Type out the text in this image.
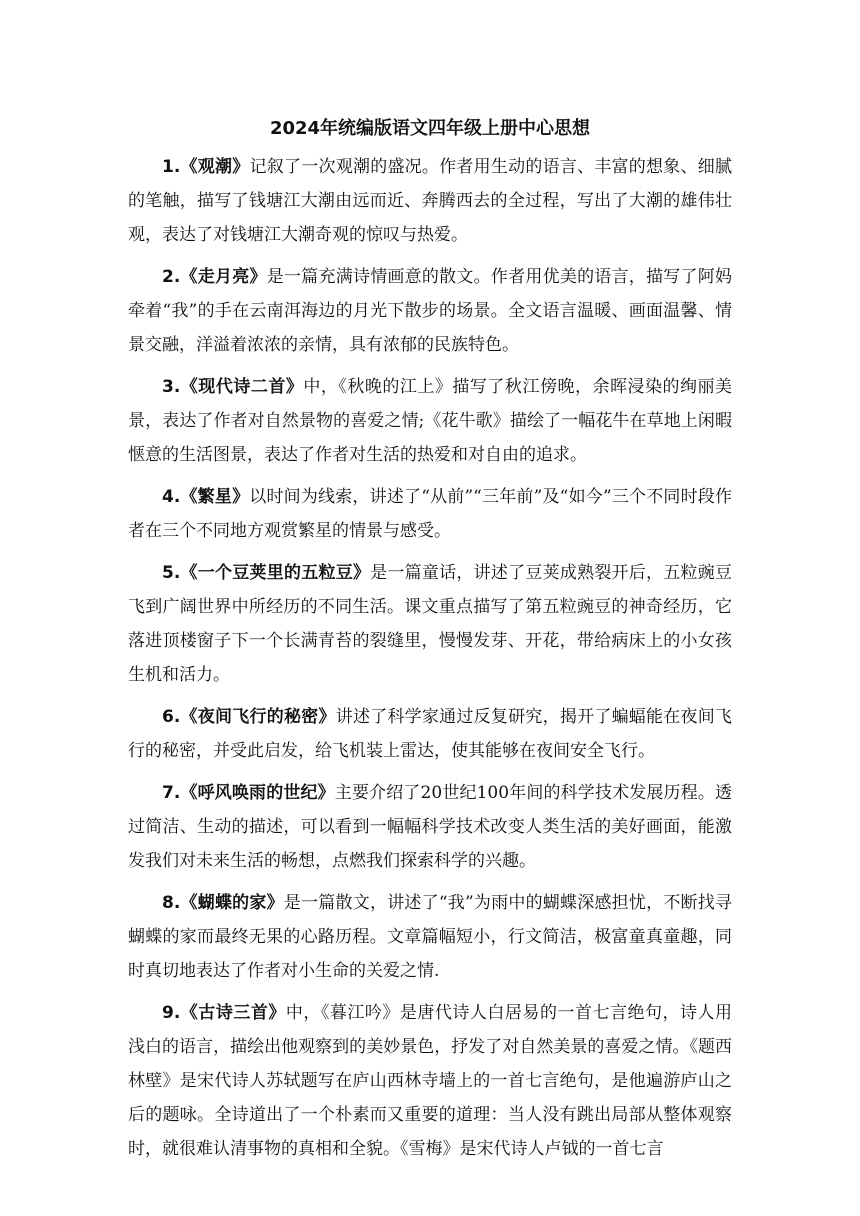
2024年统编版语文四年级上册中心思想

1.《观潮》记叙了一次观潮的盛况。作者用生动的语言、丰富的想象、细腻的笔触，描写了钱塘江大潮由远而近、奔腾西去的全过程，写出了大潮的雄伟壮观，表达了对钱塘江大潮奇观的惊叹与热爱。

2.《走月亮》是一篇充满诗情画意的散文。作者用优美的语言，描写了阿妈牵着“我”的手在云南洱海边的月光下散步的场景。全文语言温暖、画面温馨、情景交融，洋溢着浓浓的亲情，具有浓郁的民族特色。

3.《现代诗二首》中，《秋晚的江上》描写了秋江傍晚，余晖浸染的绚丽美景，表达了作者对自然景物的喜爱之情;《花牛歌》描绘了一幅花牛在草地上闲暇惬意的生活图景，表达了作者对生活的热爱和对自由的追求。

4.《繁星》以时间为线索，讲述了“从前”“三年前”及“如今”三个不同时段作者在三个不同地方观赏繁星的情景与感受。

5.《一个豆荚里的五粒豆》是一篇童话，讲述了豆荚成熟裂开后，五粒豌豆飞到广阔世界中所经历的不同生活。课文重点描写了第五粒豌豆的神奇经历，它落进顶楼窗子下一个长满青苔的裂缝里，慢慢发芽、开花，带给病床上的小女孩生机和活力。

6.《夜间飞行的秘密》讲述了科学家通过反复研究，揭开了蝙蝠能在夜间飞行的秘密，并受此启发，给飞机装上雷达，使其能够在夜间安全飞行。

7.《呼风唤雨的世纪》主要介绍了20世纪100年间的科学技术发展历程。透过简洁、生动的描述，可以看到一幅幅科学技术改变人类生活的美好画面，能激发我们对未来生活的畅想，点燃我们探索科学的兴趣。

8.《蝴蝶的家》是一篇散文，讲述了“我”为雨中的蝴蝶深感担忧，不断找寻蝴蝶的家而最终无果的心路历程。文章篇幅短小，行文简洁，极富童真童趣，同时真切地表达了作者对小生命的关爱之情.

9.《古诗三首》中，《暮江吟》是唐代诗人白居易的一首七言绝句，诗人用浅白的语言，描绘出他观察到的美妙景色，抒发了对自然美景的喜爱之情。《题西林壁》是宋代诗人苏轼题写在庐山西林寺墙上的一首七言绝句，是他遍游庐山之后的题咏。全诗道出了一个朴素而又重要的道理：当人没有跳出局部从整体观察时，就很难认清事物的真相和全貌。《雪梅》是宋代诗人卢钺的一首七言
